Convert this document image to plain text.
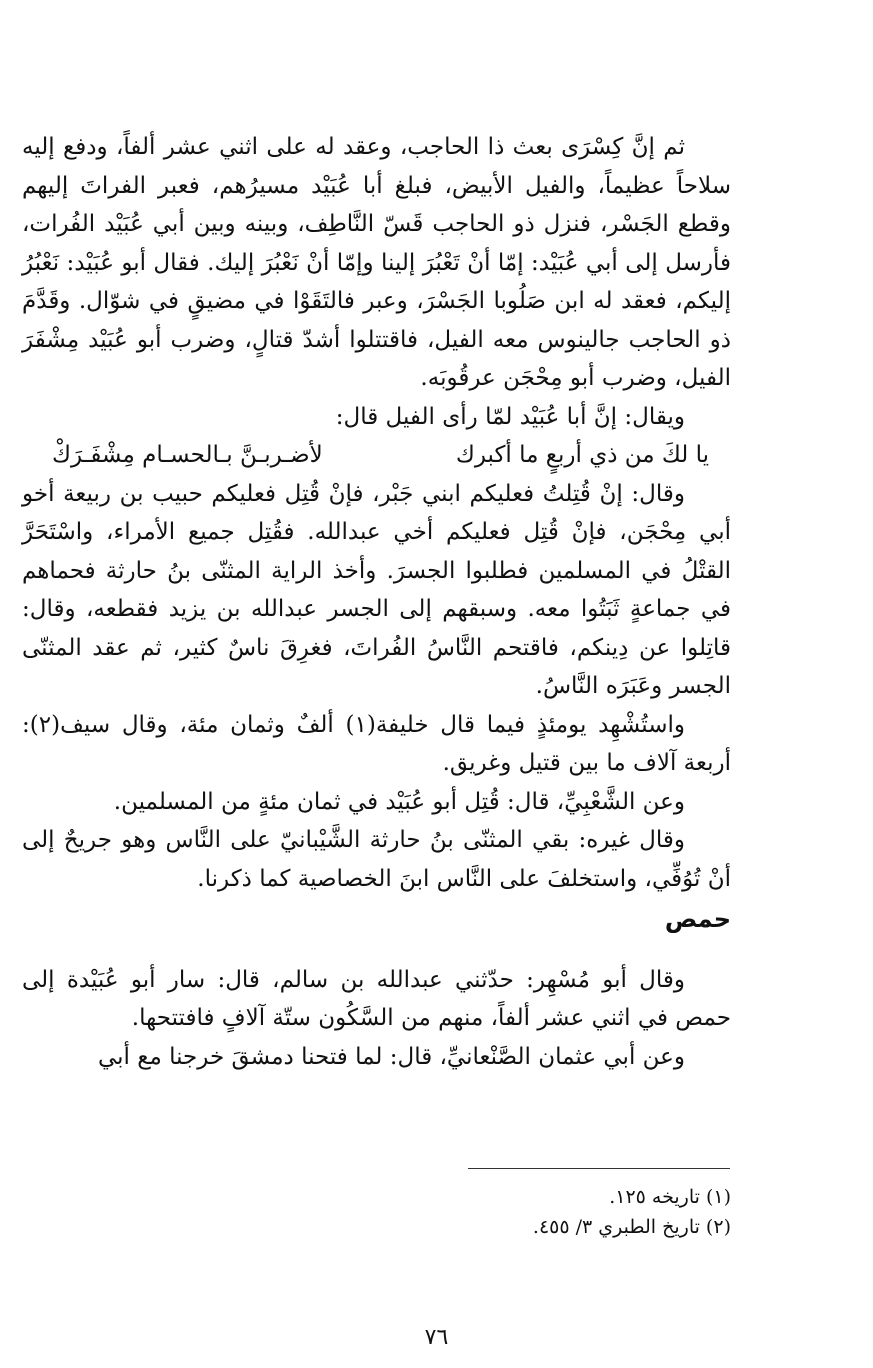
ثم إنَّ كِسْرَى بعث ذا الحاجب، وعقد له على اثني عشر ألفاً، ودفع إليه سلاحاً عظيماً، والفيل الأبيض، فبلغ أبا عُبَيْد مسيرُهم، فعبر الفراتَ إليهم وقطع الجَسْر، فنزل ذو الحاجب قَسّ النَّاطِف، وبينه وبين أبي عُبَيْد الفُرات، فأرسل إلى أبي عُبَيْد: إمّا أنْ تَعْبُرَ إلينا وإمّا أنْ نَعْبُرَ إليك. فقال أبو عُبَيْد: نَعْبُرُ إليكم، فعقد له ابن صَلُوبا الجَسْرَ، وعبر فالتَقَوْا في مضيقٍ في شوّال. وقَدَّمَ ذو الحاجب جالينوس معه الفيل، فاقتتلوا أشدّ قتالٍ، وضرب أبو عُبَيْد مِشْفَرَ الفيل، وضرب أبو مِحْجَن عرقُوبَه.

ويقال: إنَّ أبا عُبَيْد لمّا رأى الفيل قال:

يا لكَ من ذي أربعٍ ما أكبرك
لأضـربـنَّ بـالحسـام مِشْفَـرَكْ

وقال: إنْ قُتِلتُ فعليكم ابني جَبْر، فإنْ قُتِل فعليكم حبيب بن ربيعة أخو أبي مِحْجَن، فإنْ قُتِل فعليكم أخي عبدالله. فقُتِل جميع الأمراء، واسْتَحَرَّ القتْلُ في المسلمين فطلبوا الجسرَ. وأخذ الراية المثنّى بنُ حارثة فحماهم في جماعةٍ ثَبَتُوا معه. وسبقهم إلى الجسر عبدالله بن يزيد فقطعه، وقال: قاتِلوا عن دِينكم، فاقتحم النَّاسُ الفُراتَ، فغرِقَ ناسٌ كثير، ثم عقد المثنّى الجسر وعَبَرَه النَّاسُ.

واستُشْهِد يومئذٍ فيما قال خليفة(١) ألفٌ وثمان مئة، وقال سيف(٢): أربعة آلاف ما بين قتيل وغريق.

وعن الشَّعْبِيِّ، قال: قُتِل أبو عُبَيْد في ثمان مئةٍ من المسلمين.

وقال غيره: بقي المثنّى بنُ حارثة الشَّيْبانيّ على النَّاس وهو جريحٌ إلى أنْ تُوُفِّي، واستخلفَ على النَّاس ابنَ الخصاصية كما ذكرنا.

حمص

وقال أبو مُسْهِر: حدّثني عبدالله بن سالم، قال: سار أبو عُبَيْدة إلى حمص في اثني عشر ألفاً، منهم من السَّكُون ستّة آلافٍ فافتتحها.

وعن أبي عثمان الصَّنْعانيِّ، قال: لما فتحنا دمشقَ خرجنا مع أبي

(١) تاريخه ١٢٥.
(٢) تاريخ الطبري ٣/ ٤٥٥.
٧٦
